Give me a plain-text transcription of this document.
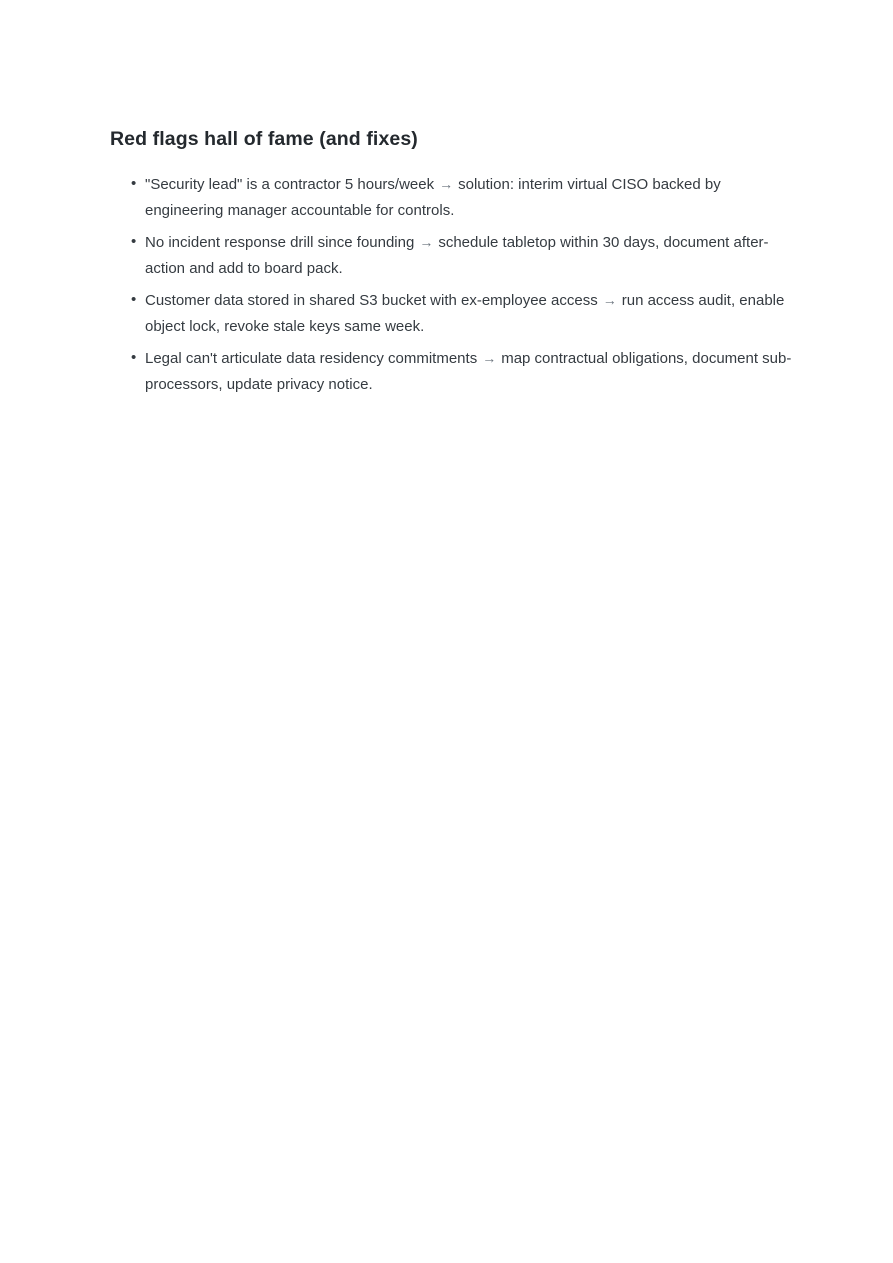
Red flags hall of fame (and fixes)
• "Security lead" is a contractor 5 hours/week → solution: interim virtual CISO backed by engineering manager accountable for controls.
• No incident response drill since founding → schedule tabletop within 30 days, document after-action and add to board pack.
• Customer data stored in shared S3 bucket with ex-employee access → run access audit, enable object lock, revoke stale keys same week.
• Legal can't articulate data residency commitments → map contractual obligations, document sub-processors, update privacy notice.
